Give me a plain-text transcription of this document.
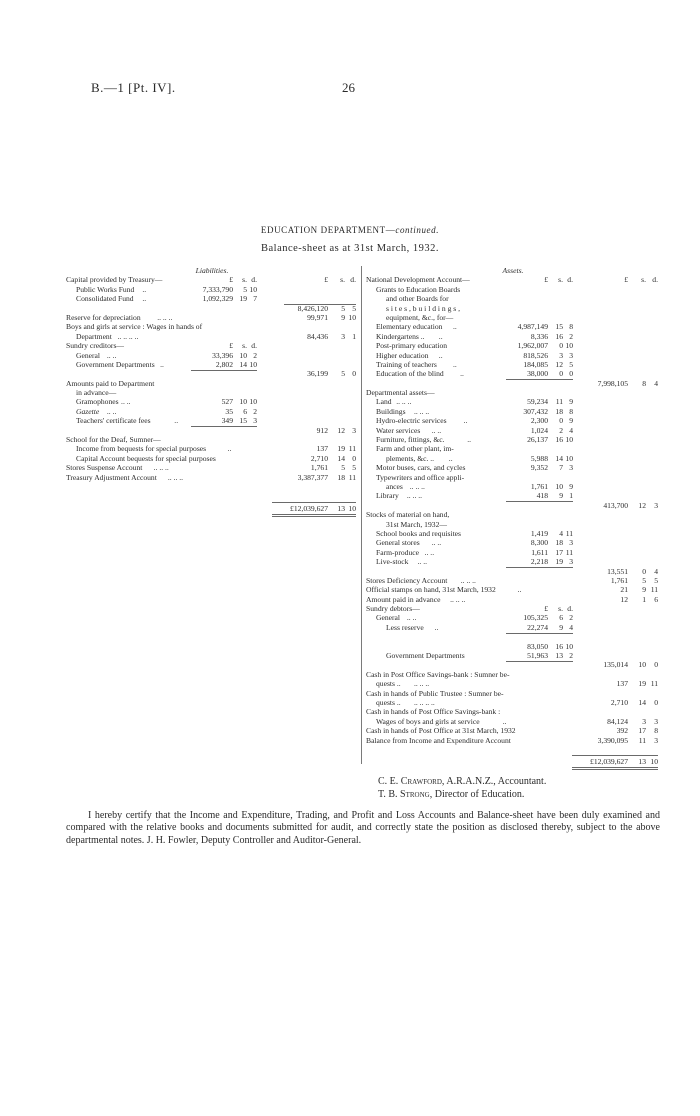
B.—1 [Pt. IV].	26
EDUCATION DEPARTMENT—continued.
Balance-sheet as at 31st March, 1932.
Liabilities.
Capital provided by Treasury—	£ s. d.	£ s. d.
Public Works Fund ..	7,333,790 5 10
Consolidated Fund ..	1,092,329 19 7
8,426,120 5 5
Reserve for depreciation .. .. ..	99,971 9 10
Boys and girls at service : Wages in hands of
Department .. .. .. ..	84,436 3 1
Sundry creditors—	£ s. d.
General .. ..	33,396 10 2
Government Departments ..	2,802 14 10
36,199 5 0
Amounts paid to Department
in advance—
Gramophones .. ..	527 10 10
Gazette .. ..	35 6 2
Teachers' certificate fees	..	349 15 3
912 12 3
School for the Deaf, Sumner—
Income from bequests for special purposes	..	137 19 11
Capital Account bequests for special purposes	2,710 14 0
Stores Suspense Account .. .. ..	1,761 5 5
Treasury Adjustment Account .. .. ..	3,387,377 18 11
£12,039,627 13 10
Assets.
National Development Account—	£ s. d.	£ s. d.
Grants to Education Boards
and other Boards for
s i t e s , b u i l d i n g s ,
equipment, &c., for—
Elementary education ..	4,987,149 15 8
Kindergartens .. ..	8,336 16 2
Post-primary education	1,962,007 0 10
Higher education ..	818,526 3 3
Training of teachers ..	184,085 12 5
Education of the blind ..	38,000 0 0
7,998,105 8 4
Departmental assets—
Land .. .. ..	59,234 11 9
Buildings .. .. ..	307,432 18 8
Hydro-electric services ..	2,300 0 9
Water services .. ..	1,024 2 4
Furniture, fittings, &c.	..	26,137 16 10
Farm and other plant, im-
plements, &c. .. ..	5,988 14 10
Motor buses, cars, and cycles	9,352 7 3
Typewriters and office appli-
ances .. .. ..	1,761 10 9
Library .. .. ..	418 9 1
413,700 12 3
Stocks of material on hand,
31st March, 1932—
School books and requisites	1,419 4 11
General stores .. ..	8,300 18 3
Farm-produce .. ..	1,611 17 11
Live-stock .. ..	2,218 19 3
13,551 0 4
Stores Deficiency Account .. .. ..	1,761 5 5
Official stamps on hand, 31st March, 1932	..	21 9 11
Amount paid in advance .. .. ..	12 1 6
Sundry debtors—	£ s. d.
General .. ..	105,325 6 2
Less reserve ..	22,274 9 4
83,050 16 10
Government Departments	51,963 13 2
135,014 10 0
Cash in Post Office Savings-bank : Sumner be-
quests .. .. .. ..	137 19 11
Cash in hands of Public Trustee : Sumner be-
quests .. .. .. .. ..	2,710 14 0
Cash in hands of Post Office Savings-bank :
Wages of boys and girls at service	..	84,124 3 3
Cash in hands of Post Office at 31st March, 1932	392 17 8
Balance from Income and Expenditure Account	3,390,095 11 3
£12,039,627 13 10
C. E. Crawford, A.R.A.N.Z., Accountant.
T. B. Strong, Director of Education.
I hereby certify that the Income and Expenditure, Trading, and Profit and Loss Accounts and Balance-sheet have been duly examined and compared with the relative books and documents submitted for audit, and correctly state the position as disclosed thereby, subject to the above departmental notes. J. H. Fowler, Deputy Controller and Auditor-General.
